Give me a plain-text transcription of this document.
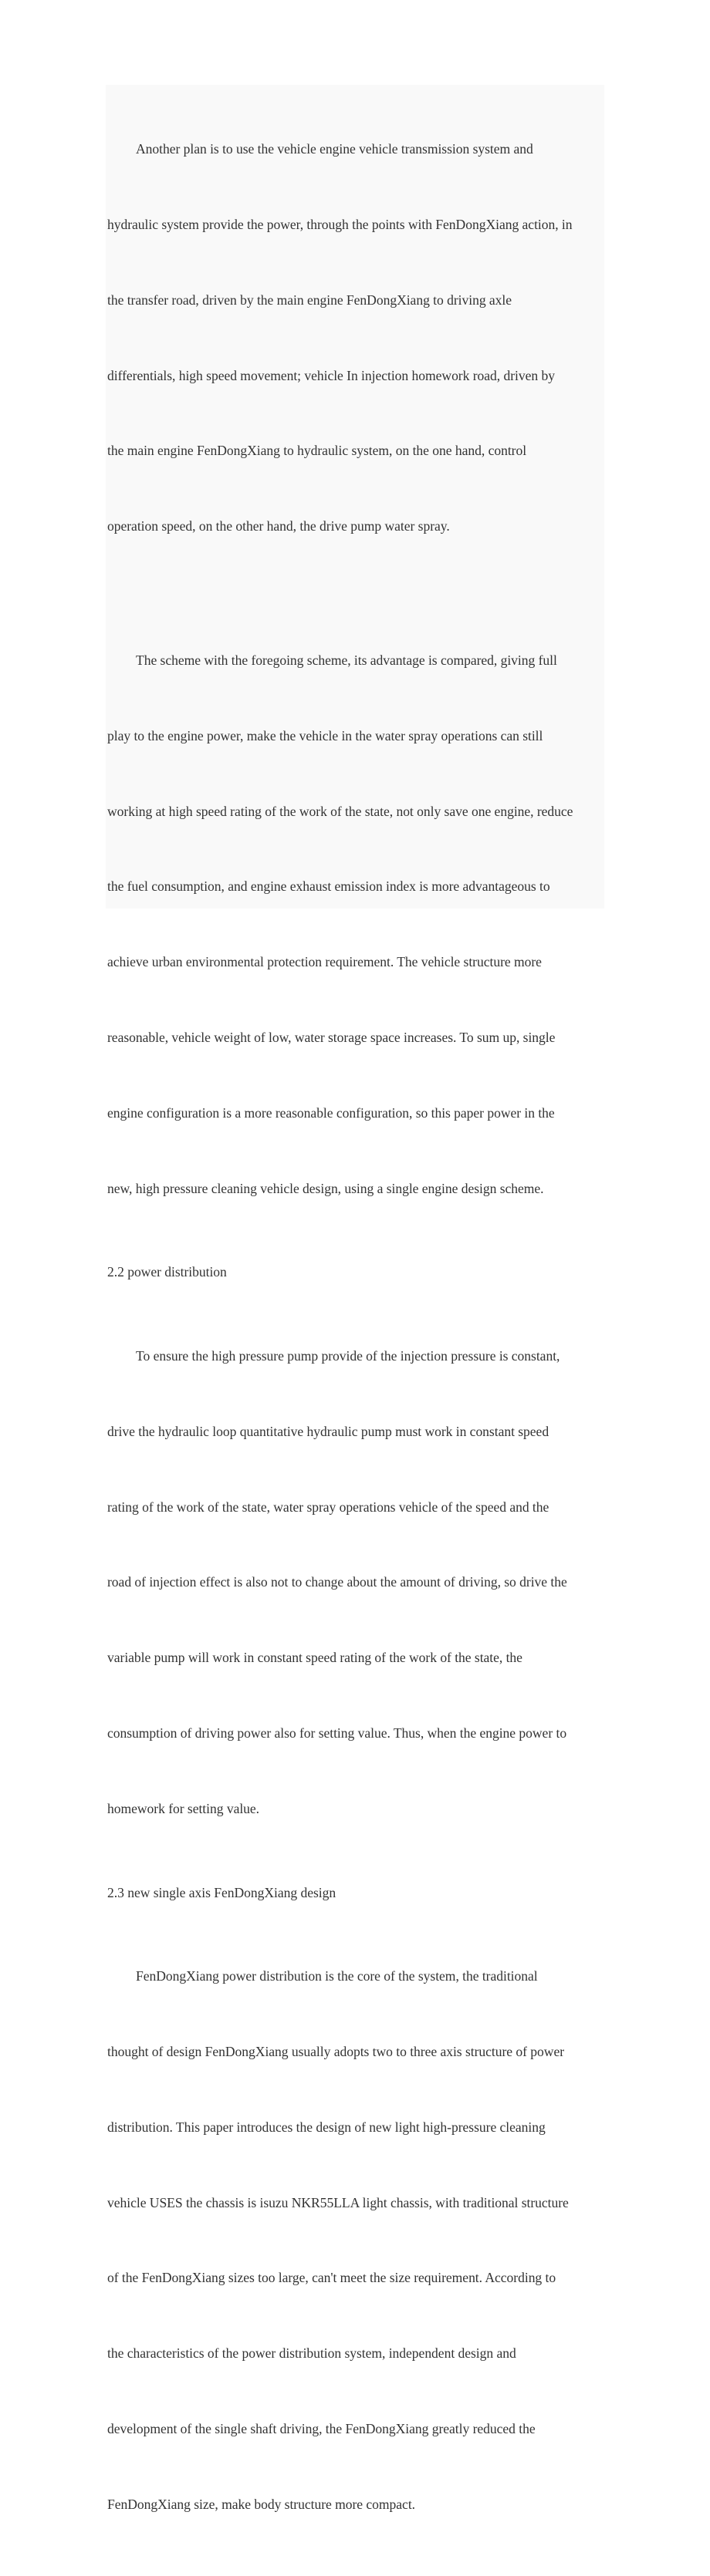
Another plan is to use the vehicle engine vehicle transmission system and

hydraulic system provide the power, through the points with FenDongXiang action, in

the transfer road, driven by the main engine FenDongXiang to driving axle

differentials, high speed movement; vehicle In injection homework road, driven by

the main engine FenDongXiang to hydraulic system, on the one hand, control

operation speed, on the other hand, the drive pump water spray.

The scheme with the foregoing scheme, its advantage is compared, giving full

play to the engine power, make the vehicle in the water spray operations can still

working at high speed rating of the work of the state, not only save one engine, reduce

the fuel consumption, and engine exhaust emission index is more advantageous to

achieve urban environmental protection requirement. The vehicle structure more

reasonable, vehicle weight of low, water storage space increases. To sum up, single

engine configuration is a more reasonable configuration, so this paper power in the

new, high pressure cleaning vehicle design, using a single engine design scheme.

2.2 power distribution

To ensure the high pressure pump provide of the injection pressure is constant,

drive the hydraulic loop quantitative hydraulic pump must work in constant speed

rating of the work of the state, water spray operations vehicle of the speed and the

road of injection effect is also not to change about the amount of driving, so drive the

variable pump will work in constant speed rating of the work of the state, the

consumption of driving power also for setting value. Thus, when the engine power to

homework for setting value.

2.3 new single axis FenDongXiang design

FenDongXiang power distribution is the core of the system, the traditional

thought of design FenDongXiang usually adopts two to three axis structure of power

distribution. This paper introduces the design of new light high-pressure cleaning

vehicle USES the chassis is isuzu NKR55LLA light chassis, with traditional structure

of the FenDongXiang sizes too large, can't meet the size requirement. According to

the characteristics of the power distribution system, independent design and

development of the single shaft driving, the FenDongXiang greatly reduced the

FenDongXiang size, make body structure more compact.
